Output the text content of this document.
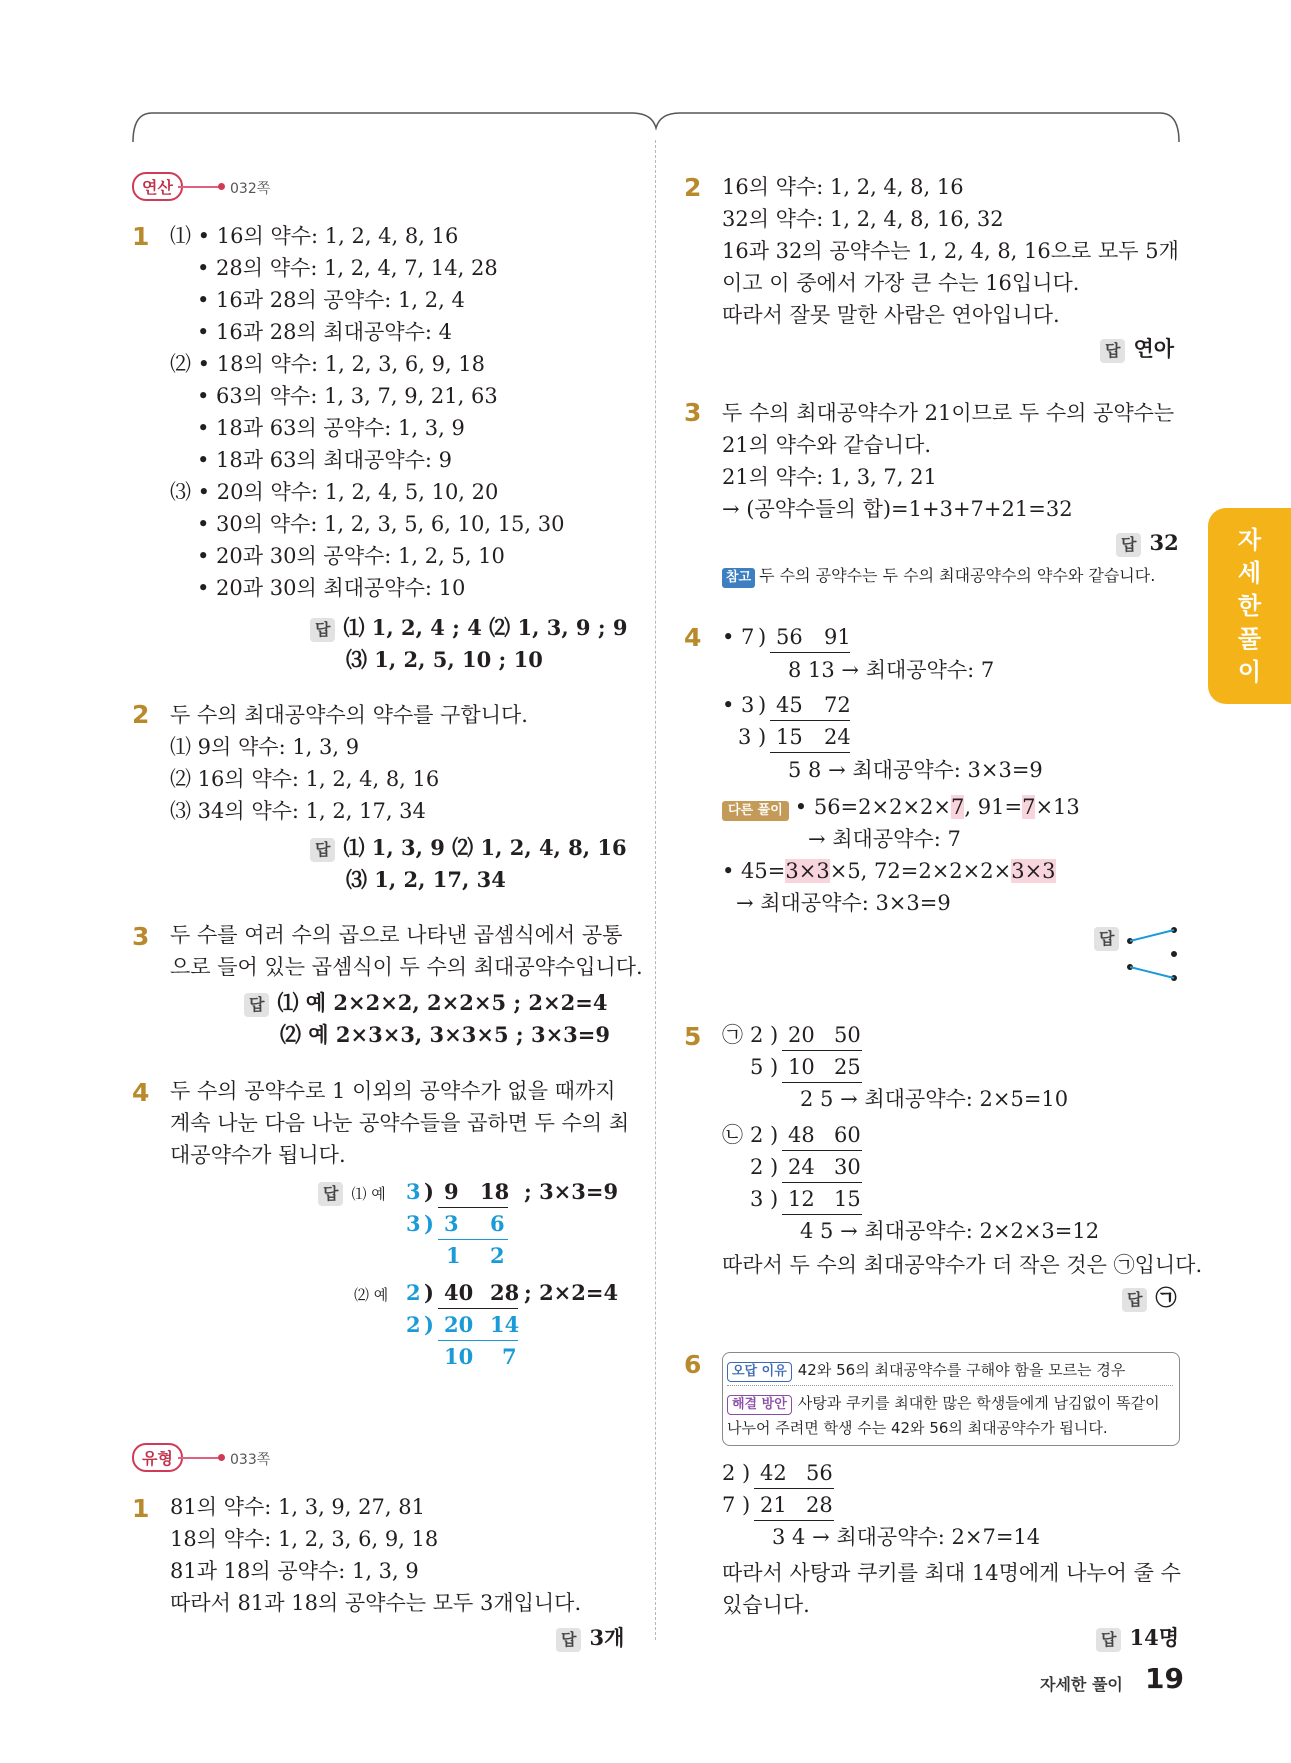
연산	032쪽
1 ⑴ • 16의 약수: 1, 2, 4, 8, 16
• 28의 약수: 1, 2, 4, 7, 14, 28
• 16과 28의 공약수: 1, 2, 4
• 16과 28의 최대공약수: 4
⑵ • 18의 약수: 1, 2, 3, 6, 9, 18
• 63의 약수: 1, 3, 7, 9, 21, 63
• 18과 63의 공약수: 1, 3, 9
• 18과 63의 최대공약수: 9
⑶ • 20의 약수: 1, 2, 4, 5, 10, 20
• 30의 약수: 1, 2, 3, 5, 6, 10, 15, 30
• 20과 30의 공약수: 1, 2, 5, 10
• 20과 30의 최대공약수: 10
답 ⑴ 1, 2, 4 ; 4 ⑵ 1, 3, 9 ; 9
⑶ 1, 2, 5, 10 ; 10
2 두 수의 최대공약수의 약수를 구합니다.
⑴ 9의 약수: 1, 3, 9
⑵ 16의 약수: 1, 2, 4, 8, 16
⑶ 34의 약수: 1, 2, 17, 34
답 ⑴ 1, 3, 9 ⑵ 1, 2, 4, 8, 16
⑶ 1, 2, 17, 34
3 두 수를 여러 수의 곱으로 나타낸 곱셈식에서 공통
으로 들어 있는 곱셈식이 두 수의 최대공약수입니다.
답 ⑴ 예 2×2×2, 2×2×5 ; 2×2=4
⑵ 예 2×3×3, 3×3×5 ; 3×3=9
4 두 수의 공약수로 1 이외의 공약수가 없을 때까지
계속 나눈 다음 나눈 공약수들을 곱하면 두 수의 최
대공약수가 됩니다.
답 ⑴ 예 3 ) 9 18 ; 3×3=9
3 ) 3 6
1 2
⑵ 예 2 ) 40 28 ; 2×2=4
2 ) 20 14
10 7
유형	033쪽
1 81의 약수: 1, 3, 9, 27, 81
18의 약수: 1, 2, 3, 6, 9, 18
81과 18의 공약수: 1, 3, 9
따라서 81과 18의 공약수는 모두 3개입니다.
답 3개
2 16의 약수: 1, 2, 4, 8, 16
32의 약수: 1, 2, 4, 8, 16, 32
16과 32의 공약수는 1, 2, 4, 8, 16으로 모두 5개
이고 이 중에서 가장 큰 수는 16입니다.
따라서 잘못 말한 사람은 연아입니다.
답 연아
3 두 수의 최대공약수가 21이므로 두 수의 공약수는
21의 약수와 같습니다.
21의 약수: 1, 3, 7, 21
→ (공약수들의 합)=1+3+7+21=32
답 32
참고 두 수의 공약수는 두 수의 최대공약수의 약수와 같습니다.
4 • 7 ) 56 91
8 13 → 최대공약수: 7
• 3 ) 45 72
3 ) 15 24
5 8 → 최대공약수: 3×3=9
다른 풀이 • 56=2×2×2×7, 91=7×13
→ 최대공약수: 7
• 45=3×3×5, 72=2×2×2×3×3
→ 최대공약수: 3×3=9
답
5 ㉠ 2 ) 20 50
5 ) 10 25
2 5 → 최대공약수: 2×5=10
㉡ 2 ) 48 60
2 ) 24 30
3 ) 12 15
4 5 → 최대공약수: 2×2×3=12
따라서 두 수의 최대공약수가 더 작은 것은 ㉠입니다.
답 ㉠
6	오답 이유 42와 56의 최대공약수를 구해야 함을 모르는 경우
해결 방안 사탕과 쿠키를 최대한 많은 학생들에게 남김없이 똑같이
나누어 주려면 학생 수는 42와 56의 최대공약수가 됩니다.
2 ) 42 56
7 ) 21 28
3 4 → 최대공약수: 2×7=14
따라서 사탕과 쿠키를 최대 14명에게 나누어 줄 수
있습니다.
답 14명
자
세
한
풀
이
자세한 풀이 19
